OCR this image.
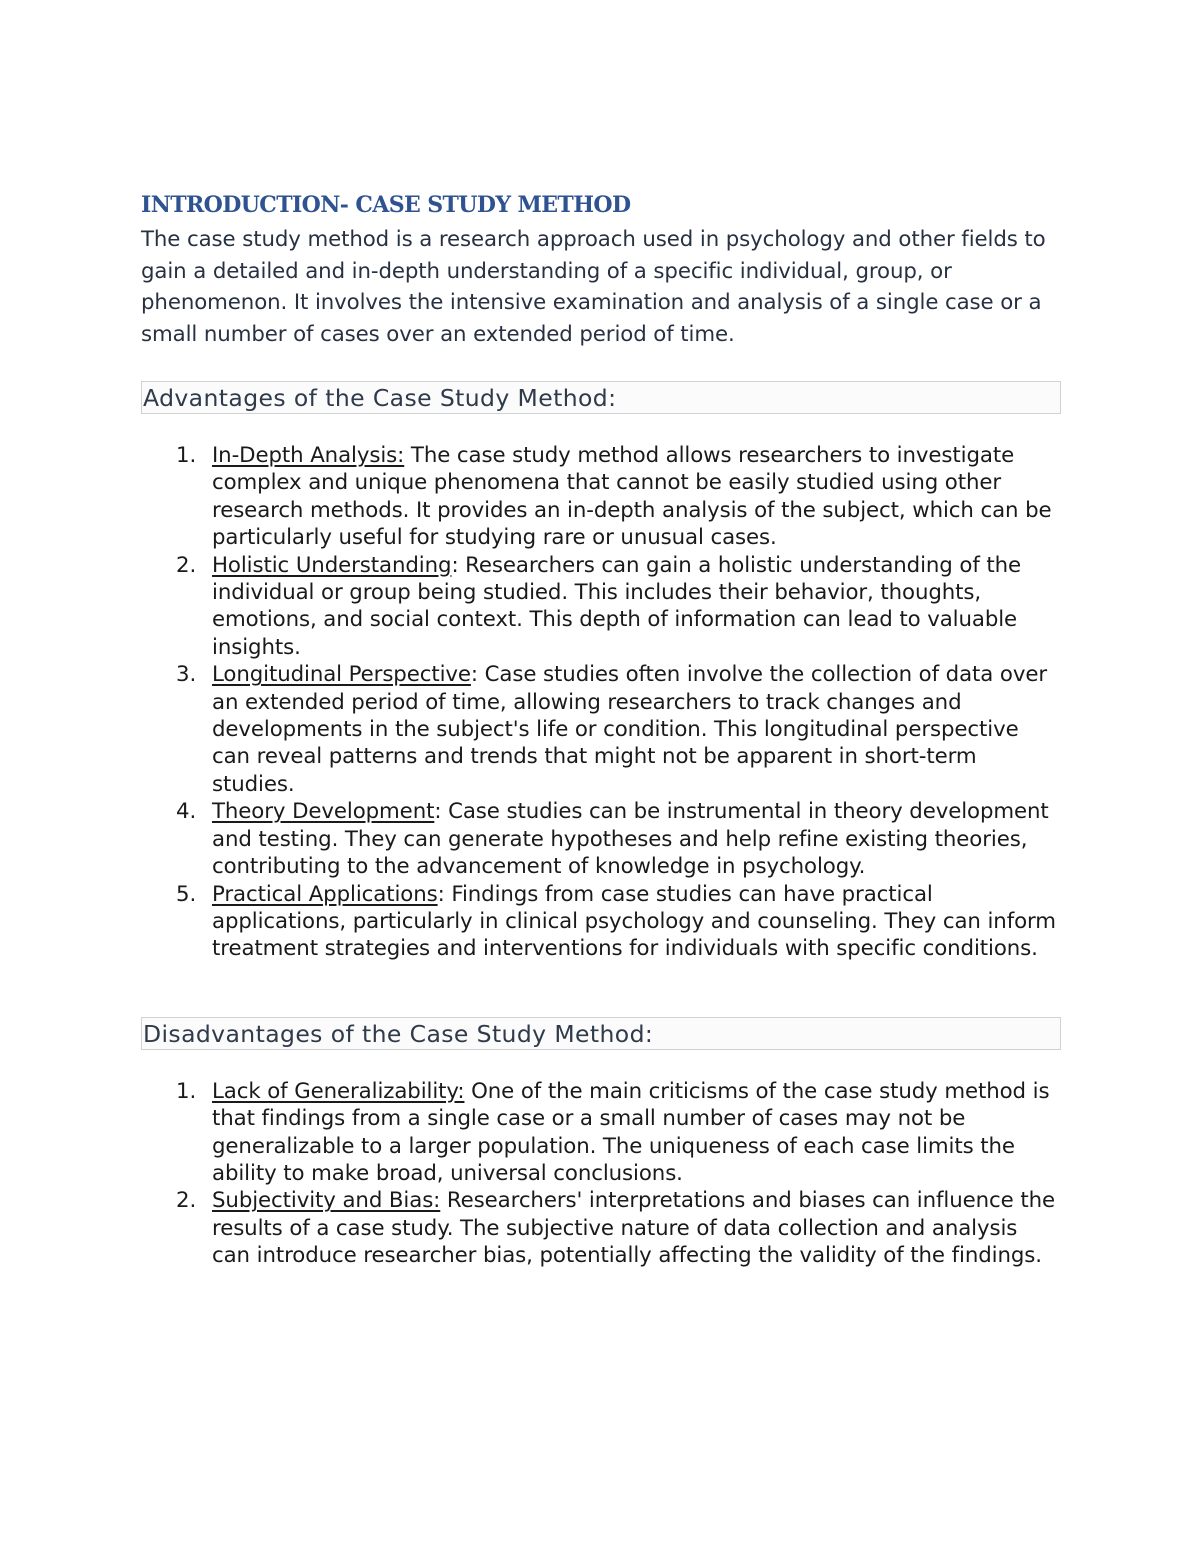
INTRODUCTION- CASE STUDY METHOD

The case study method is a research approach used in psychology and other fields to gain a detailed and in-depth understanding of a specific individual, group, or phenomenon. It involves the intensive examination and analysis of a single case or a small number of cases over an extended period of time.

Advantages of the Case Study Method:
In-Depth Analysis: The case study method allows researchers to investigate complex and unique phenomena that cannot be easily studied using other research methods. It provides an in-depth analysis of the subject, which can be particularly useful for studying rare or unusual cases.
Holistic Understanding: Researchers can gain a holistic understanding of the individual or group being studied. This includes their behavior, thoughts, emotions, and social context. This depth of information can lead to valuable insights.
Longitudinal Perspective: Case studies often involve the collection of data over an extended period of time, allowing researchers to track changes and developments in the subject's life or condition. This longitudinal perspective can reveal patterns and trends that might not be apparent in short-term studies.
Theory Development: Case studies can be instrumental in theory development and testing. They can generate hypotheses and help refine existing theories, contributing to the advancement of knowledge in psychology.
Practical Applications: Findings from case studies can have practical applications, particularly in clinical psychology and counseling. They can inform treatment strategies and interventions for individuals with specific conditions.
Disadvantages of the Case Study Method:
Lack of Generalizability: One of the main criticisms of the case study method is that findings from a single case or a small number of cases may not be generalizable to a larger population. The uniqueness of each case limits the ability to make broad, universal conclusions.
Subjectivity and Bias: Researchers' interpretations and biases can influence the results of a case study. The subjective nature of data collection and analysis can introduce researcher bias, potentially affecting the validity of the findings.
